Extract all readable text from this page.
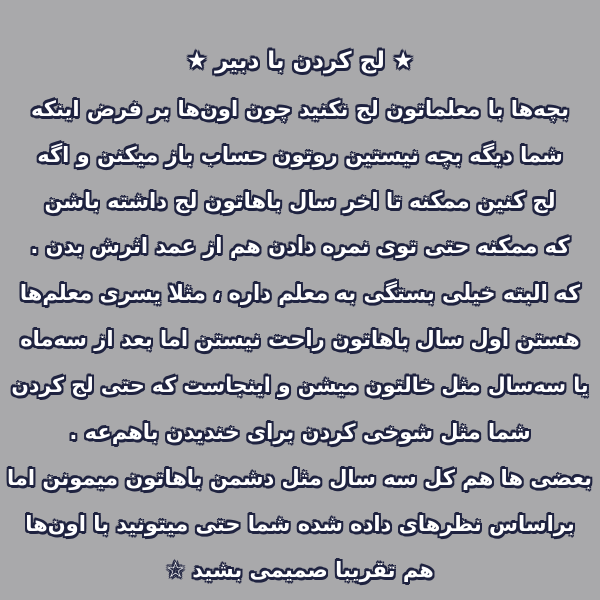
★ لج کردن با دبیر ★
بچه‌ها با معلماتون لج نکنید چون اون‌ها بر فرض اینکه
شما دیگه بچه نیستین روتون حساب باز میکنن و اگه
لج کنین ممکنه تا اخر سال باهاتون لج داشته باشن
که ممکنه حتی توی نمره دادن هم از عمد اثرش بدن .
که البته خیلی بستگی به معلم داره ، مثلا یسری معلم‌ها
هستن اول سال باهاتون راحت نیستن اما بعد از سه‌ماه
یا سه‌سال مثل خالتون میشن و اینجاست که حتی لج کردن
شما مثل شوخی کردن برای خندیدن باهم‌عه .
بعضی ها هم کل سه سال مثل دشمن باهاتون میمونن اما
براساس نظرهای داده شده شما حتی میتونید با اون‌ها
هم تقریبا صمیمی بشید ☆
